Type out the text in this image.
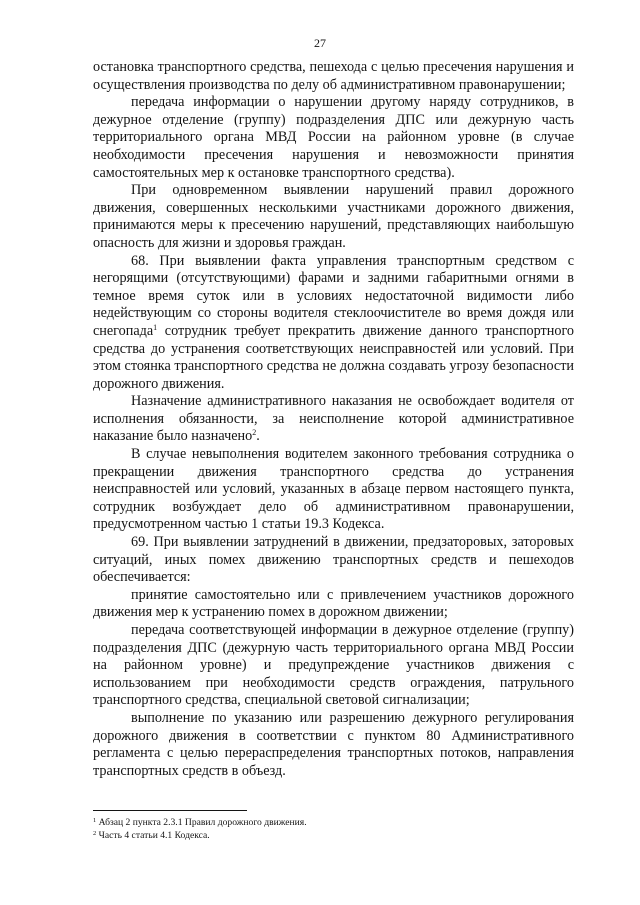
27

остановка транспортного средства, пешехода с целью пресечения нарушения и осуществления производства по делу об административном правонарушении;

передача информации о нарушении другому наряду сотрудников, в дежурное отделение (группу) подразделения ДПС или дежурную часть территориального органа МВД России на районном уровне (в случае необходимости пресечения нарушения и невозможности принятия самостоятельных мер к остановке транспортного средства).

При одновременном выявлении нарушений правил дорожного движения, совершенных несколькими участниками дорожного движения, принимаются меры к пресечению нарушений, представляющих наибольшую опасность для жизни и здоровья граждан.

68. При выявлении факта управления транспортным средством с негорящими (отсутствующими) фарами и задними габаритными огнями в темное время суток или в условиях недостаточной видимости либо недействующим со стороны водителя стеклоочистителе во время дождя или снегопада$^1$ сотрудник требует прекратить движение данного транспортного средства до устранения соответствующих неисправностей или условий. При этом стоянка транспортного средства не должна создавать угрозу безопасности дорожного движения.

Назначение административного наказания не освобождает водителя от исполнения обязанности, за неисполнение которой административное наказание было назначено$^2$.

В случае невыполнения водителем законного требования сотрудника о прекращении движения транспортного средства до устранения неисправностей или условий, указанных в абзаце первом настоящего пункта, сотрудник возбуждает дело об административном правонарушении, предусмотренном частью 1 статьи 19.3 Кодекса.

69. При выявлении затруднений в движении, предзаторовых, заторовых ситуаций, иных помех движению транспортных средств и пешеходов обеспечивается:

принятие самостоятельно или с привлечением участников дорожного движения мер к устранению помех в дорожном движении;

передача соответствующей информации в дежурное отделение (группу) подразделения ДПС (дежурную часть территориального органа МВД России на районном уровне) и предупреждение участников движения с использованием при необходимости средств ограждения, патрульного транспортного средства, специальной световой сигнализации;

выполнение по указанию или разрешению дежурного регулирования дорожного движения в соответствии с пунктом 80 Административного регламента с целью перераспределения транспортных потоков, направления транспортных средств в объезд.

$^1$ Абзац 2 пункта 2.3.1 Правил дорожного движения.

$^2$ Часть 4 статьи 4.1 Кодекса.
